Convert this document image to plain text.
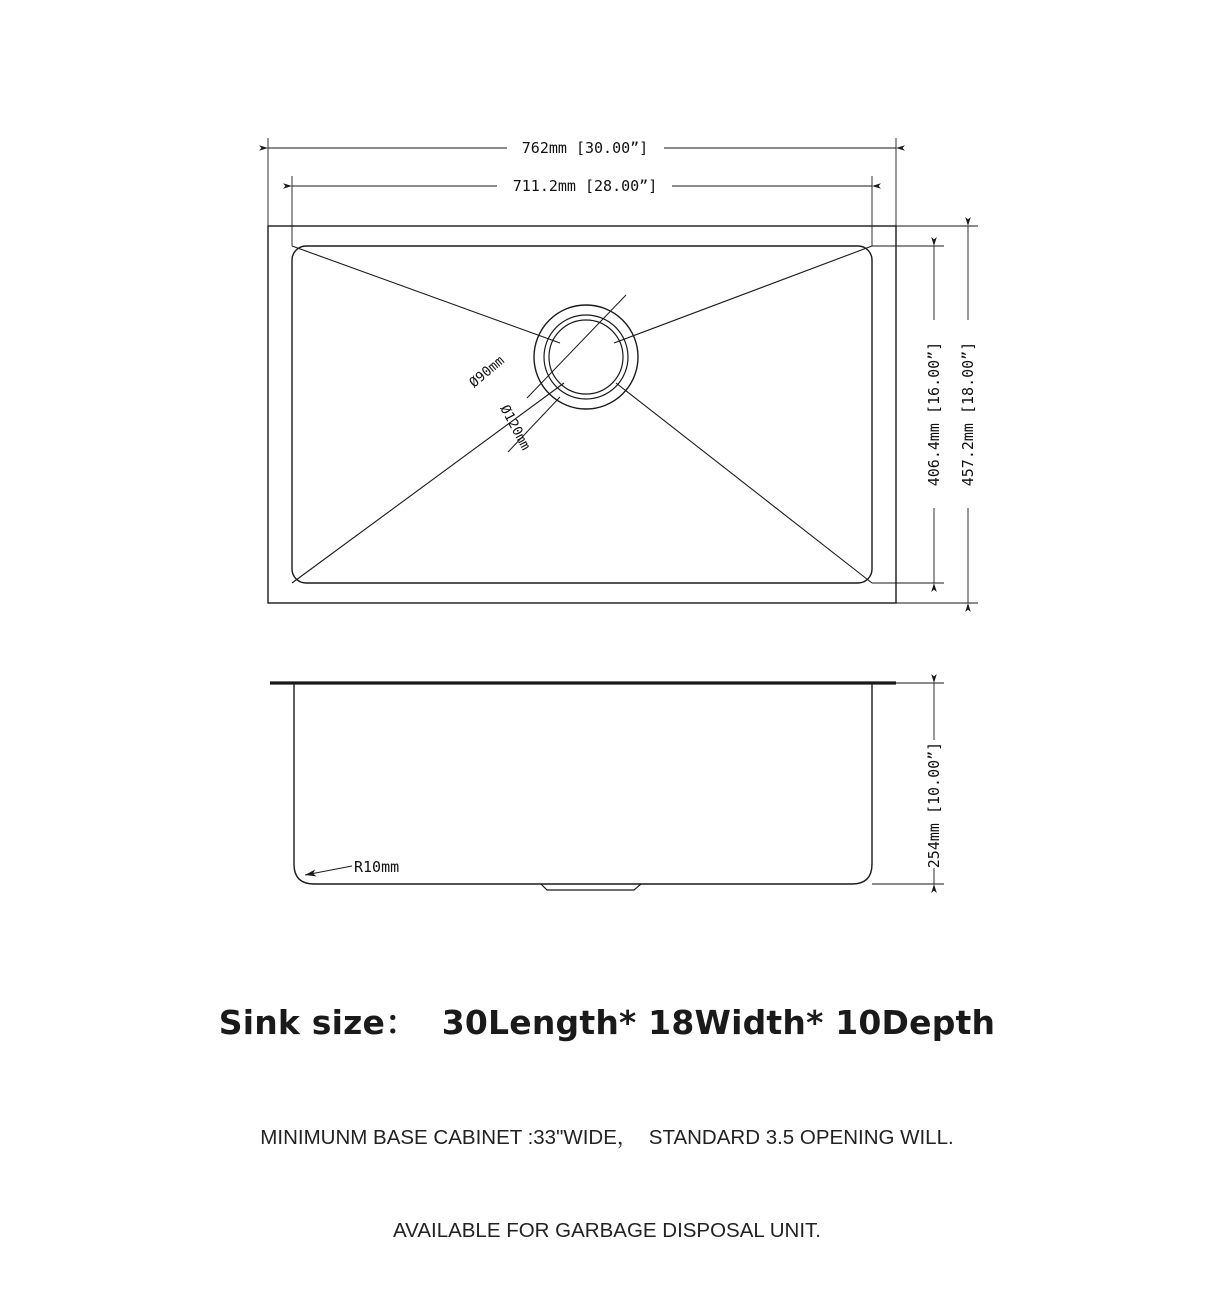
Ø90mm
Ø120mm
762mm [30.00”]
711.2mm [28.00”]
406.4mm [16.00”] 457.2mm [18.00”]
R10mm	254mm [10.00”]
Sink size：  30Length* 18Width* 10Depth

MINIMUNM BASE CABINET :33"WIDE，  STANDARD 3.5 OPENING WILL.

AVAILABLE FOR GARBAGE DISPOSAL UNIT.
